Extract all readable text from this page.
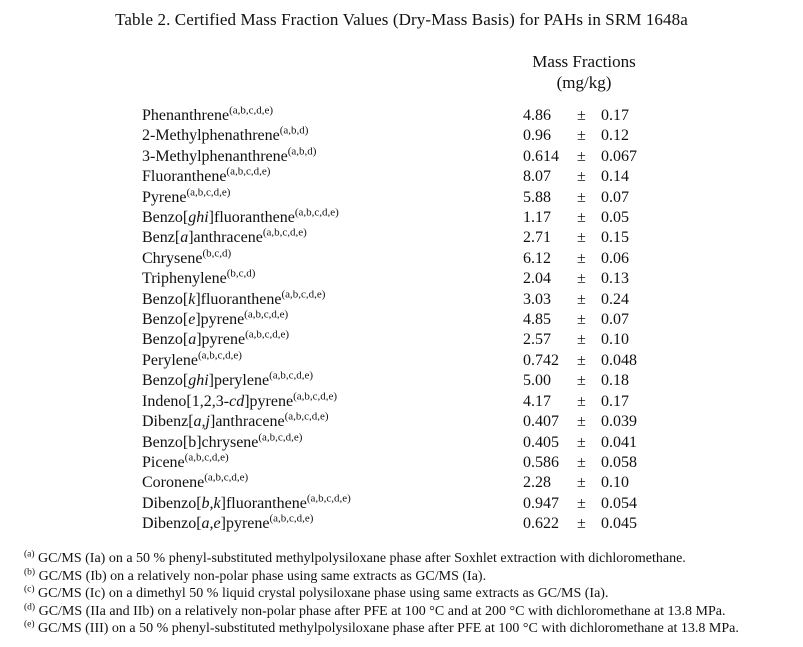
Table 2. Certified Mass Fraction Values (Dry-Mass Basis) for PAHs in SRM 1648a
Mass Fractions
(mg/kg)
Phenanthrene$^{(a,b,c,d,e)}$	4.86	±	0.17
2-Methylphenathrene$^{(a,b,d)}$	0.96	±	0.12
3-Methylphenanthrene$^{(a,b,d)}$	0.614	±	0.067
Fluoranthene$^{(a,b,c,d,e)}$	8.07	±	0.14
Pyrene$^{(a,b,c,d,e)}$	5.88	±	0.07
Benzo[ghi]fluoranthene$^{(a,b,c,d,e)}$	1.17	±	0.05
Benz[a]anthracene$^{(a,b,c,d,e)}$	2.71	±	0.15
Chrysene$^{(b,c,d)}$	6.12	±	0.06
Triphenylene$^{(b,c,d)}$	2.04	±	0.13
Benzo[k]fluoranthene$^{(a,b,c,d,e)}$	3.03	±	0.24
Benzo[e]pyrene$^{(a,b,c,d,e)}$	4.85	±	0.07
Benzo[a]pyrene$^{(a,b,c,d,e)}$	2.57	±	0.10
Perylene$^{(a,b,c,d,e)}$	0.742	±	0.048
Benzo[ghi]perylene$^{(a,b,c,d,e)}$	5.00	±	0.18
Indeno[1,2,3-cd]pyrene$^{(a,b,c,d,e)}$	4.17	±	0.17
Dibenz[a,j]anthracene$^{(a,b,c,d,e)}$	0.407	±	0.039
Benzo[b]chrysene$^{(a,b,c,d,e)}$	0.405	±	0.041
Picene$^{(a,b,c,d,e)}$	0.586	±	0.058
Coronene$^{(a,b,c,d,e)}$	2.28	±	0.10
Dibenzo[b,k]fluoranthene$^{(a,b,c,d,e)}$	0.947	±	0.054
Dibenzo[a,e]pyrene$^{(a,b,c,d,e)}$	0.622	±	0.045
$^{(a)}$ GC/MS (Ia) on a 50 % phenyl-substituted methylpolysiloxane phase after Soxhlet extraction with dichloromethane.
$^{(b)}$ GC/MS (Ib) on a relatively non-polar phase using same extracts as GC/MS (Ia).
$^{(c)}$ GC/MS (Ic) on a dimethyl 50 % liquid crystal polysiloxane phase using same extracts as GC/MS (Ia).
$^{(d)}$ GC/MS (IIa and IIb) on a relatively non-polar phase after PFE at 100 °C and at 200 °C with dichloromethane at 13.8 MPa.
$^{(e)}$ GC/MS (III) on a 50 % phenyl-substituted methylpolysiloxane phase after PFE at 100 °C with dichloromethane at 13.8 MPa.
